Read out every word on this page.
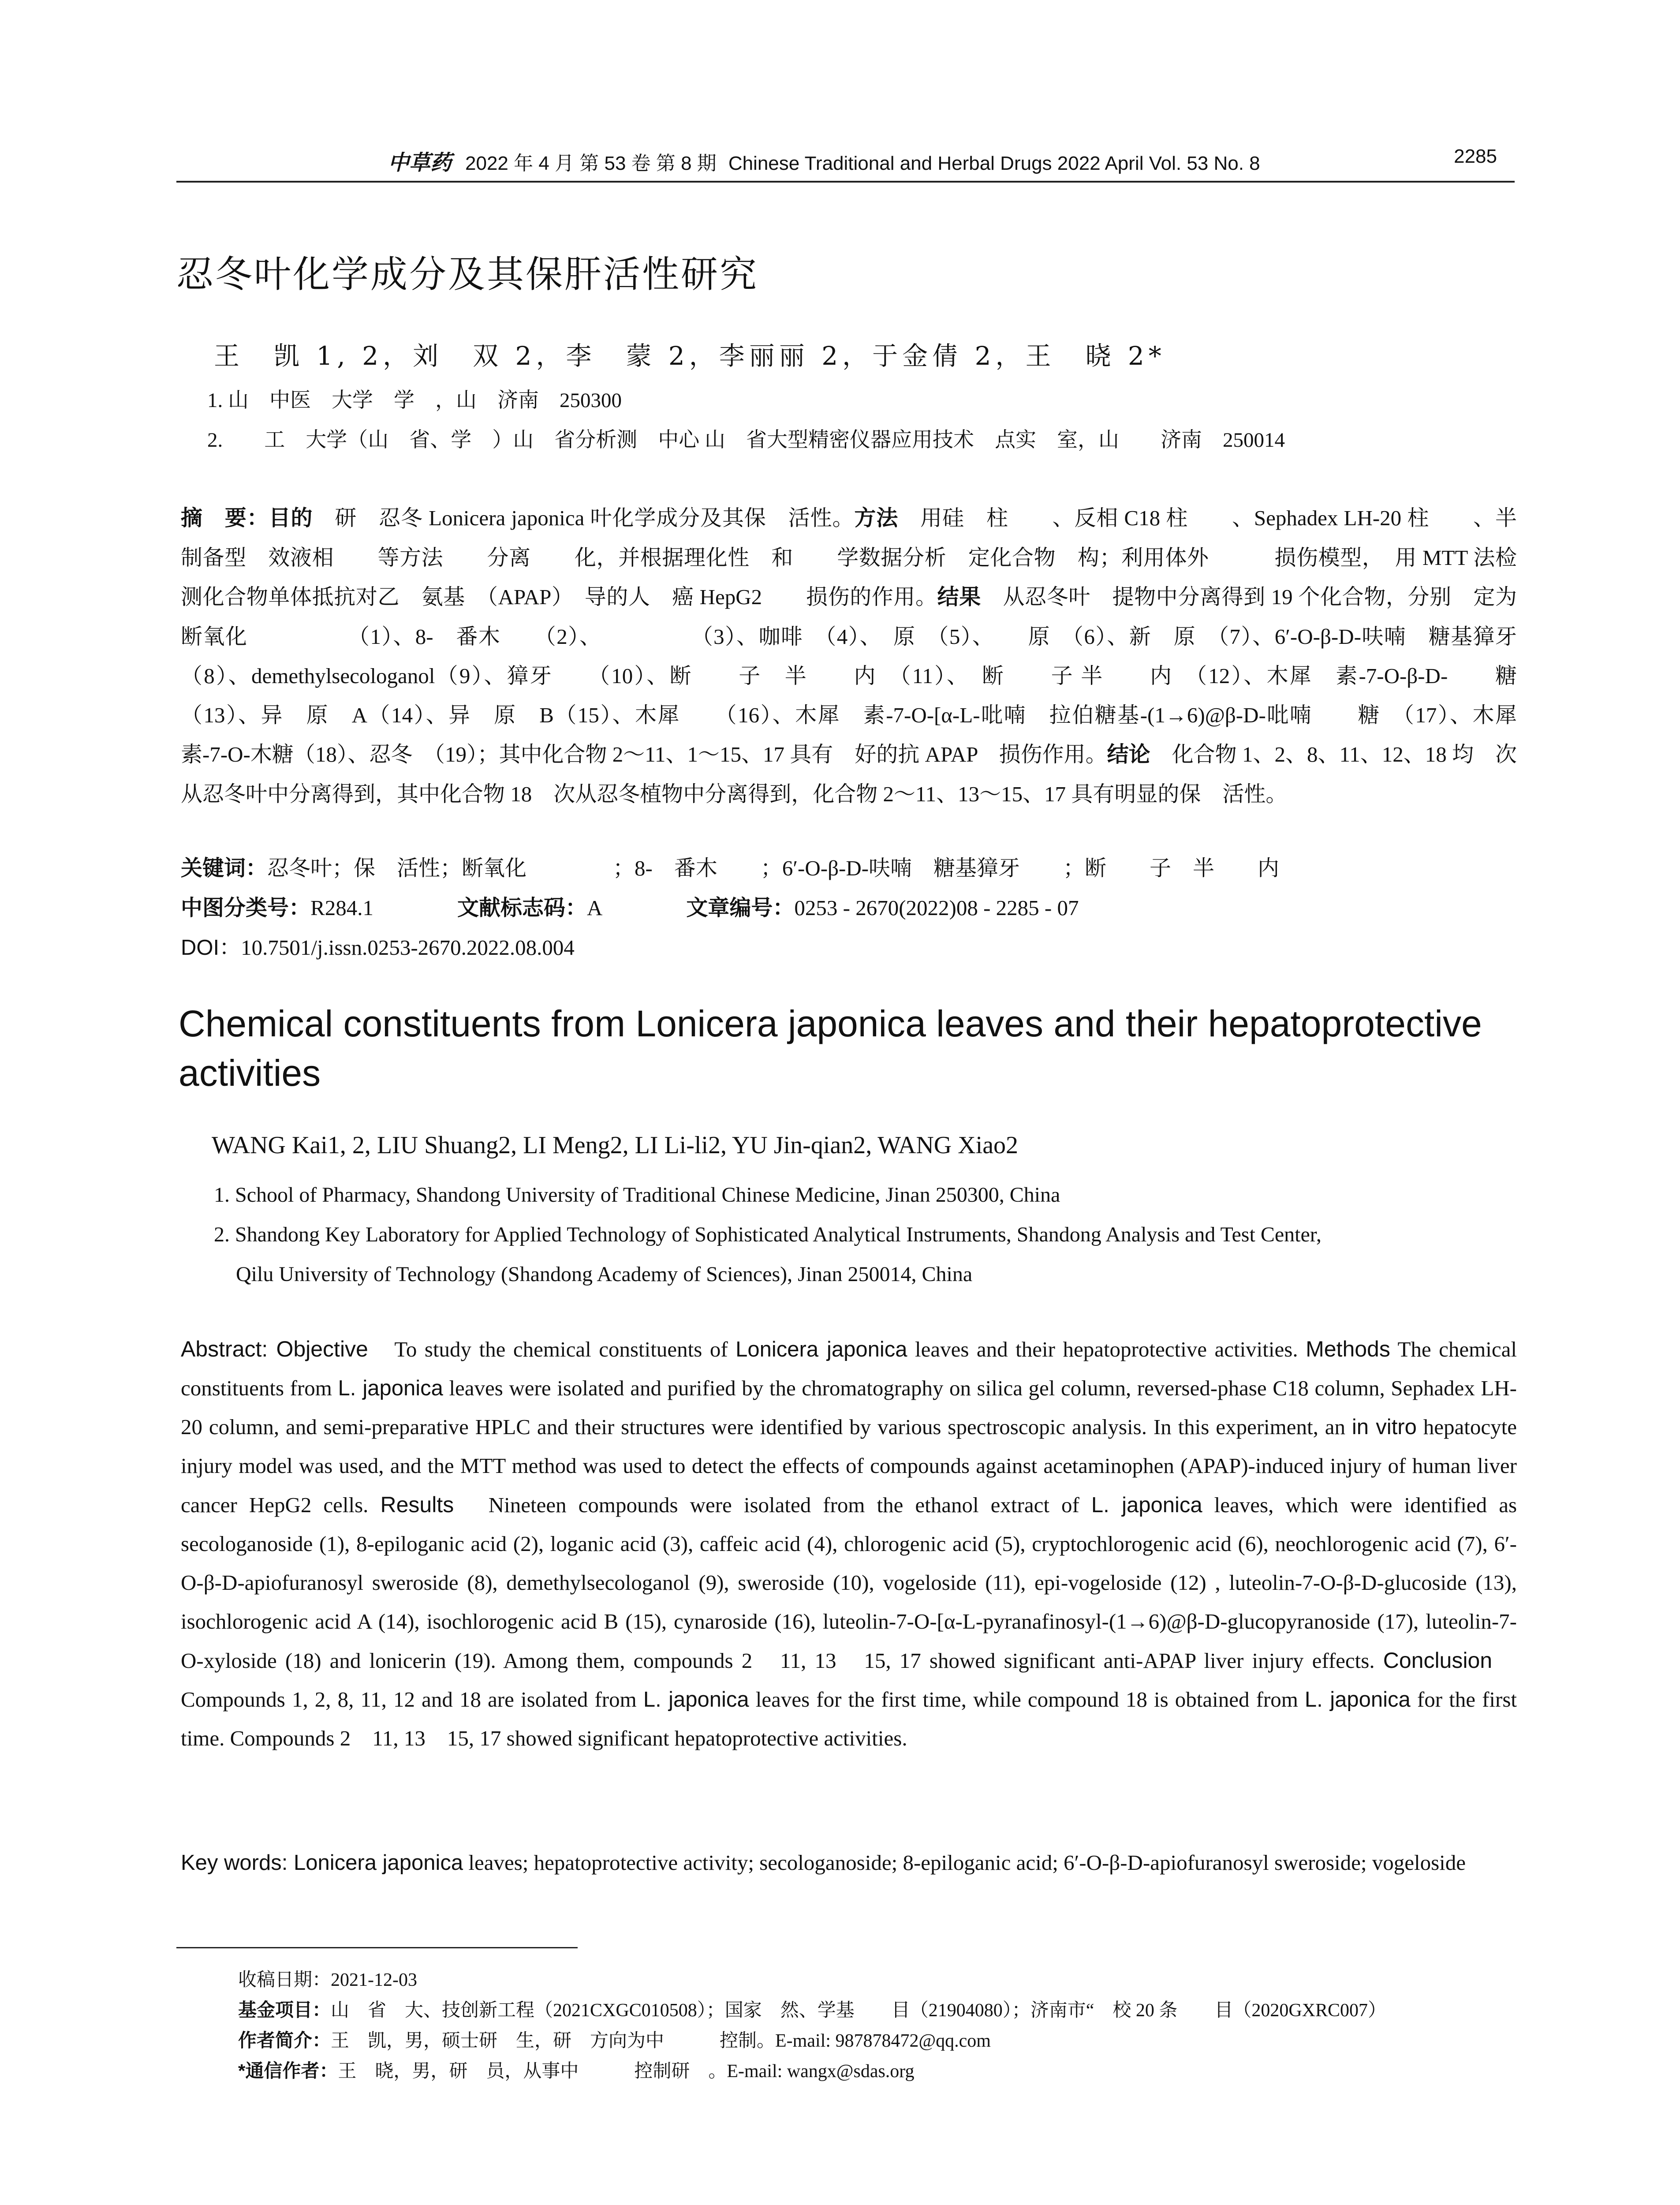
中草药 2022 年 4 月 第 53 卷 第 8 期 Chinese Traditional and Herbal Drugs 2022 April Vol. 53 No. 8	2285
忍冬叶化学成分及其保肝活性研究
王　凯 1, 2，刘　双 2，李　蒙 2，李丽丽 2，于金倩 2，王　晓 2*
1. 山　中医　大学　学　，山　济南　250300
2.　　工　大学（山　省、学　）山　省分析测　中心 山　省大型精密仪器应用技术　点实　室，山　　济南　250014
摘　要：目的　研　忍冬 Lonicera japonica 叶化学成分及其保　活性。方法　用硅　柱　　、反相 C18 柱　　、Sephadex LH-20 柱　　、半制备型　效液相　　等方法　　分离　　化，并根据理化性　和　　学数据分析　定化合物　构；利用体外　　　损伤模型，　用 MTT 法检测化合物单体抵抗对乙　氨基　（APAP）　导的人　癌 HepG2　　损伤的作用。结果　从忍冬叶　提物中分离得到 19 个化合物，分别　定为断氧化　　　　　（1）、8-　番木　　（2）、　　　　　（3）、咖啡　（4）、　原　（5）、　　原　（6）、新　原　（7）、6′-O-β-D-呋喃　糖基獐牙　　（8）、demethylsecologanol（9）、獐牙　　（10）、断　　子　半　　内　（11）、　断　　子 半　　内　（12）、木犀　素-7-O-β-D-　　糖　（13）、异　原　A（14）、异　原　B（15）、木犀　　（16）、木犀　素-7-O-[α-L-吡喃　拉伯糖基-(1→6)@β-D-吡喃　　糖　（17）、木犀　素-7-O-木糖（18）、忍冬　（19）；其中化合物 2～11、1～15、17 具有　好的抗 APAP　损伤作用。结论　化合物 1、2、8、11、12、18 均　次从忍冬叶中分离得到，其中化合物 18　次从忍冬植物中分离得到，化合物 2～11、13～15、17 具有明显的保　活性。
关键词：忍冬叶；保　活性；断氧化　　　　；8-　番木　　；6′-O-β-D-呋喃　糖基獐牙　　；断　　子　半　　内
中图分类号：R284.1	文献标志码：A	文章编号：0253 - 2670(2022)08 - 2285 - 07
DOI：10.7501/j.issn.0253-2670.2022.08.004
Chemical constituents from Lonicera japonica leaves and their hepatoprotective activities
WANG Kai1, 2, LIU Shuang2, LI Meng2, LI Li-li2, YU Jin-qian2, WANG Xiao2
1. School of Pharmacy, Shandong University of Traditional Chinese Medicine, Jinan 250300, China
2. Shandong Key Laboratory for Applied Technology of Sophisticated Analytical Instruments, Shandong Analysis and Test Center,
Qilu University of Technology (Shandong Academy of Sciences), Jinan 250014, China
Abstract: Objective　To study the chemical constituents of Lonicera japonica leaves and their hepatoprotective activities. Methods The chemical constituents from L. japonica leaves were isolated and purified by the chromatography on silica gel column, reversed-phase C18 column, Sephadex LH-20 column, and semi-preparative HPLC and their structures were identified by various spectroscopic analysis. In this experiment, an in vitro hepatocyte injury model was used, and the MTT method was used to detect the effects of compounds against acetaminophen (APAP)-induced injury of human liver cancer HepG2 cells. Results　Nineteen compounds were isolated from the ethanol extract of L. japonica leaves, which were identified as secologanoside (1), 8-epiloganic acid (2), loganic acid (3), caffeic acid (4), chlorogenic acid (5), cryptochlorogenic acid (6), neochlorogenic acid (7), 6′-O-β-D-apiofuranosyl sweroside (8), demethylsecologanol (9), sweroside (10), vogeloside (11), epi-vogeloside (12) , luteolin-7-O-β-D-glucoside (13), isochlorogenic acid A (14), isochlorogenic acid B (15), cynaroside (16), luteolin-7-O-[α-L-pyranafinosyl-(1→6)@β-D-glucopyranoside (17), luteolin-7-O-xyloside (18) and lonicerin (19). Among them, compounds 2　11, 13　15, 17 showed significant anti-APAP liver injury effects. Conclusion　Compounds 1, 2, 8, 11, 12 and 18 are isolated from L. japonica leaves for the first time, while compound 18 is obtained from L. japonica for the first time. Compounds 2　11, 13　15, 17 showed significant hepatoprotective activities.
Key words: Lonicera japonica leaves; hepatoprotective activity; secologanoside; 8-epiloganic acid; 6′-O-β-D-apiofuranosyl sweroside; vogeloside
收稿日期：2021-12-03
基金项目：山　省　大、技创新工程（2021CXGC010508）；国家　然、学基　　目（21904080）；济南市“　校 20 条　　目（2020GXRC007）
作者简介：王　凯，男，硕士研　生，研　方向为中　　　控制。E-mail: 987878472@qq.com
*通信作者：王　晓，男，研　员，从事中　　　控制研　。E-mail: wangx@sdas.org
